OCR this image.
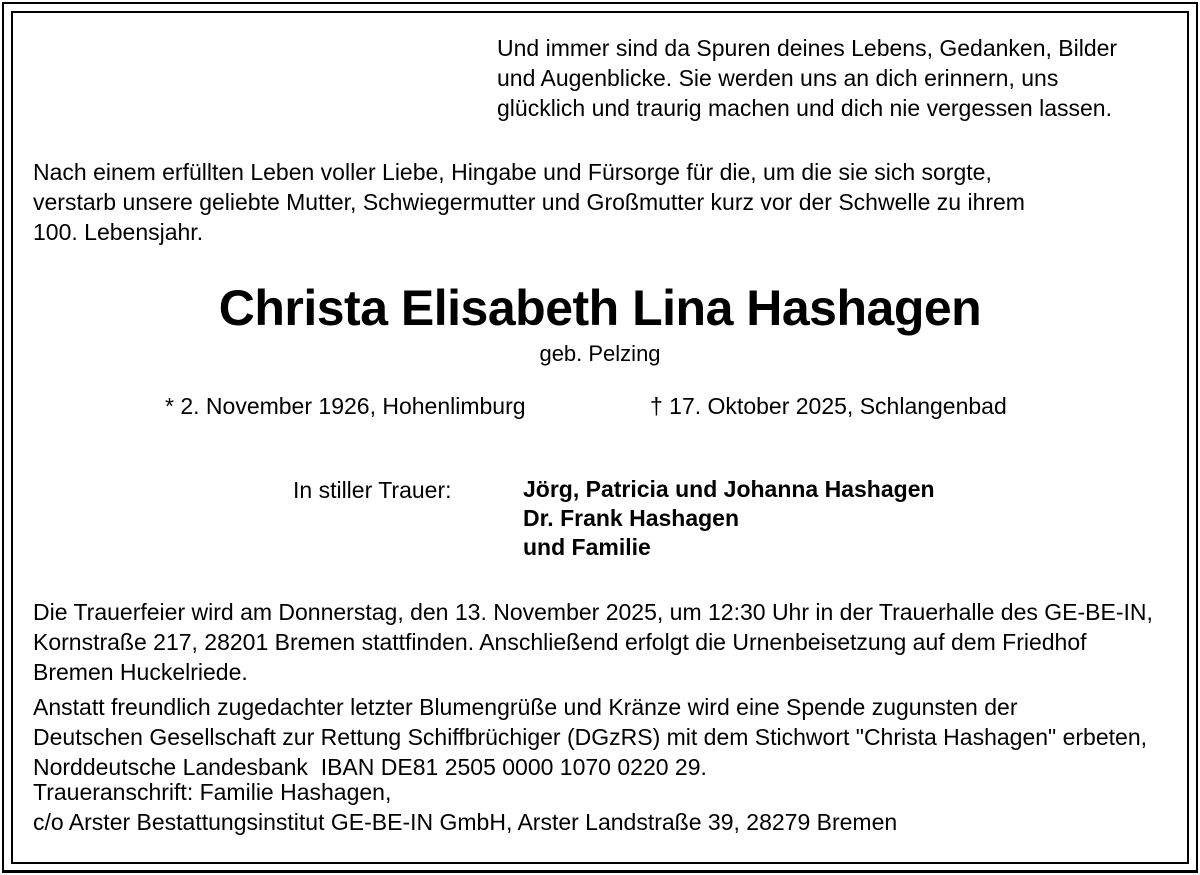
Und immer sind da Spuren deines Lebens, Gedanken, Bilder
und Augenblicke. Sie werden uns an dich erinnern, uns
glücklich und traurig machen und dich nie vergessen lassen.
Nach einem erfüllten Leben voller Liebe, Hingabe und Fürsorge für die, um die sie sich sorgte,
verstarb unsere geliebte Mutter, Schwiegermutter und Großmutter kurz vor der Schwelle zu ihrem
100. Lebensjahr.
Christa Elisabeth Lina Hashagen
geb. Pelzing
* 2. November 1926, Hohenlimburg	† 17. Oktober 2025, Schlangenbad
In stiller Trauer:	Jörg, Patricia und Johanna Hashagen
Dr. Frank Hashagen
und Familie
Die Trauerfeier wird am Donnerstag, den 13. November 2025, um 12:30 Uhr in der Trauerhalle des GE-BE-IN,
Kornstraße 217, 28201 Bremen stattfinden. Anschließend erfolgt die Urnenbeisetzung auf dem Friedhof
Bremen Huckelriede.
Anstatt freundlich zugedachter letzter Blumengrüße und Kränze wird eine Spende zugunsten der
Deutschen Gesellschaft zur Rettung Schiffbrüchiger (DGzRS) mit dem Stichwort "Christa Hashagen" erbeten,
Norddeutsche Landesbank  IBAN DE81 2505 0000 1070 0220 29.
Traueranschrift: Familie Hashagen,
c/o Arster Bestattungsinstitut GE-BE-IN GmbH, Arster Landstraße 39, 28279 Bremen
